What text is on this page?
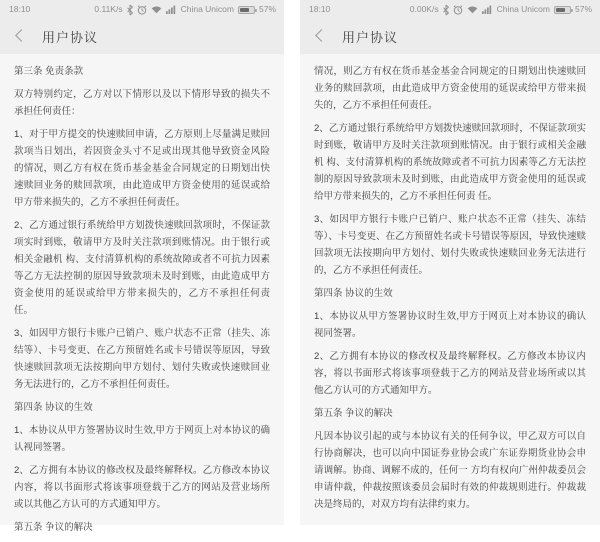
18:10	0.11K/s	China Unicom	57%
用户协议

第三条 免责条款

双方特别约定，乙方对以下情形以及以下情形导致的损失不承担任何责任：

1、对于甲方提交的快速赎回申请，乙方原则上尽量满足赎回款项当日划出，若因资金头寸不足或出现其他导致资金风险的情况，则乙方有权在货币基金基金合同规定的日期划出快速赎回业务的赎回款项，由此造成甲方资金使用的延误或给甲方带来损失的，乙方不承担任何责任。

2、乙方通过银行系统给甲方划拨快速赎回款项时，不保证款项实时到账，敬请甲方及时关注款项到账情况。由于银行或相关金融机 构、支付清算机构的系统故障或者不可抗力因素等乙方无法控制的原因导致款项未及时到账，由此造成甲方资金使用的延误或给甲方带来损失的，乙方不承担任何责 任。

3、如因甲方银行卡账户已销户、账户状态不正常（挂失、冻结等）、卡号变更、在乙方预留姓名或卡号错误等原因，导致快速赎回款项无法按期向甲方划付、划付失败或快速赎回业务无法进行的，乙方不承担任何责任。

第四条 协议的生效

1、本协议从甲方签署协议时生效,甲方于网页上对本协议的确认视同签署。

2、乙方拥有本协议的修改权及最终解释权。乙方修改本协议内容，将以书面形式将该事项登载于乙方的网站及营业场所或以其他乙方认可的方式通知甲方。

第五条 争议的解决

18:10	0.00K/s	China Unicom	57%
用户协议

情况，则乙方有权在货币基金基金合同规定的日期划出快速赎回业务的赎回款项，由此造成甲方资金使用的延误或给甲方带来损失的，乙方不承担任何责任。

2、乙方通过银行系统给甲方划拨快速赎回款项时，不保证款项实时到账，敬请甲方及时关注款项到账情况。由于银行或相关金融机 构、支付清算机构的系统故障或者不可抗力因素等乙方无法控制的原因导致款项未及时到账，由此造成甲方资金使用的延误或给甲方带来损失的，乙方不承担任何责 任。

3、如因甲方银行卡账户已销户、账户状态不正常（挂失、冻结等）、卡号变更、在乙方预留姓名或卡号错误等原因，导致快速赎回款项无法按期向甲方划付、划付失败或快速赎回业务无法进行的，乙方不承担任何责任。

第四条 协议的生效

1、本协议从甲方签署协议时生效,甲方于网页上对本协议的确认视同签署。

2、乙方拥有本协议的修改权及最终解释权。乙方修改本协议内容，将以书面形式将该事项登载于乙方的网站及营业场所或以其他乙方认可的方式通知甲方。

第五条 争议的解决

凡因本协议引起的或与本协议有关的任何争议，甲乙双方可以自行协商解决，也可以向中国证券业协会或广东证券期货业协会申请调解。协商、调解不成的，任何一 方均有权向广州仲裁委员会申请仲裁，仲裁按照该委员会届时有效的仲裁规则进行。仲裁裁决是终局的，对双方均有法律约束力。
